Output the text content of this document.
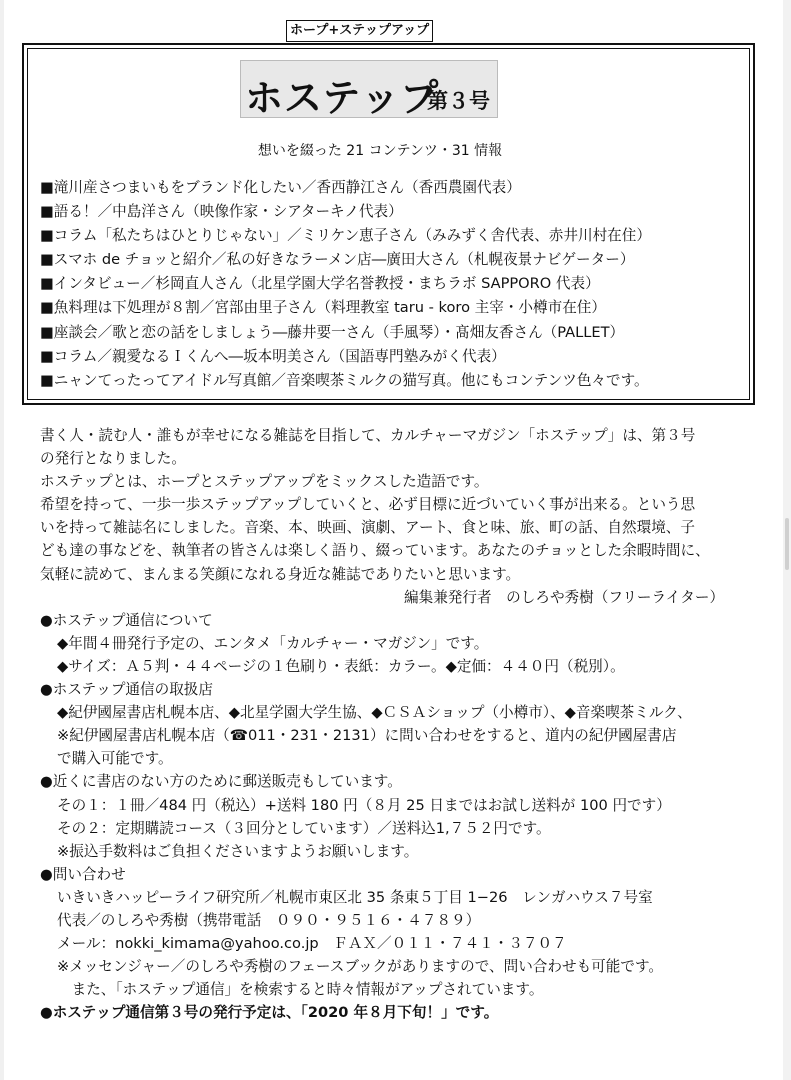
ホープ+ステップアップ
ホステップ
第３号
想いを綴った 21 コンテンツ・31 情報
■滝川産さつまいもをブランド化したい／香西静江さん（香西農園代表）
■語る！／中島洋さん（映像作家・シアターキノ代表）
■コラム「私たちはひとりじゃない」／ミリケン恵子さん（みみずく舎代表、赤井川村在住）
■スマホ de チョッと紹介／私の好きなラーメン店―廣田大さん（札幌夜景ナビゲーター）
■インタビュー／杉岡直人さん（北星学園大学名誉教授・まちラボ SAPPORO 代表）
■魚料理は下処理が８割／宮部由里子さん（料理教室 taru - koro 主宰・小樽市在住）
■座談会／歌と恋の話をしましょう―藤井要一さん（手風琴）・髙畑友香さん（PALLET）
■コラム／親愛なるＩくんへ―坂本明美さん（国語専門塾みがく代表）
■ニャンてったってアイドル写真館／音楽喫茶ミルクの猫写真。他にもコンテンツ色々です。
書く人・読む人・誰もが幸せになる雑誌を目指して、カルチャーマガジン「ホステップ」は、第３号
の発行となりました。
ホステップとは、ホープとステップアップをミックスした造語です。
希望を持って、一歩一歩ステップアップしていくと、必ず目標に近づいていく事が出来る。という思
いを持って雑誌名にしました。音楽、本、映画、演劇、アート、食と味、旅、町の話、自然環境、子
ども達の事などを、執筆者の皆さんは楽しく語り、綴っています。あなたのチョッとした余暇時間に、
気軽に読めて、まんまる笑顔になれる身近な雑誌でありたいと思います。
編集兼発行者　のしろや秀樹（フリーライター）
●ホステップ通信について
◆年間４冊発行予定の、エンタメ「カルチャー・マガジン」です。
◆サイズ：Ａ５判・４４ページの１色刷り・表紙：カラー。◆定価：４４０円（税別）。
●ホステップ通信の取扱店
◆紀伊國屋書店札幌本店、◆北星学園大学生協、◆ＣＳＡショップ（小樽市）、◆音楽喫茶ミルク、
※紀伊國屋書店札幌本店（☎011・231・2131）に問い合わせをすると、道内の紀伊國屋書店
で購入可能です。
●近くに書店のない方のために郵送販売もしています。
その１：１冊／484 円（税込）+送料 180 円（８月 25 日まではお試し送料が 100 円です）
その２：定期購読コース（３回分としています）／送料込1,７５２円です。
※振込手数料はご負担くださいますようお願いします。
●問い合わせ
いきいきハッピーライフ研究所／札幌市東区北 35 条東５丁目 1−26　レンガハウス７号室
代表／のしろや秀樹（携帯電話　０９０・９５１６・４７８９）
メール：nokki_kimama@yahoo.co.jp　ＦＡＸ／０１１・７４１・３７０７
※メッセンジャー／のしろや秀樹のフェースブックがありますので、問い合わせも可能です。
　また、「ホステップ通信」を検索すると時々情報がアップされています。
●ホステップ通信第３号の発行予定は、「2020 年８月下旬！」です。
